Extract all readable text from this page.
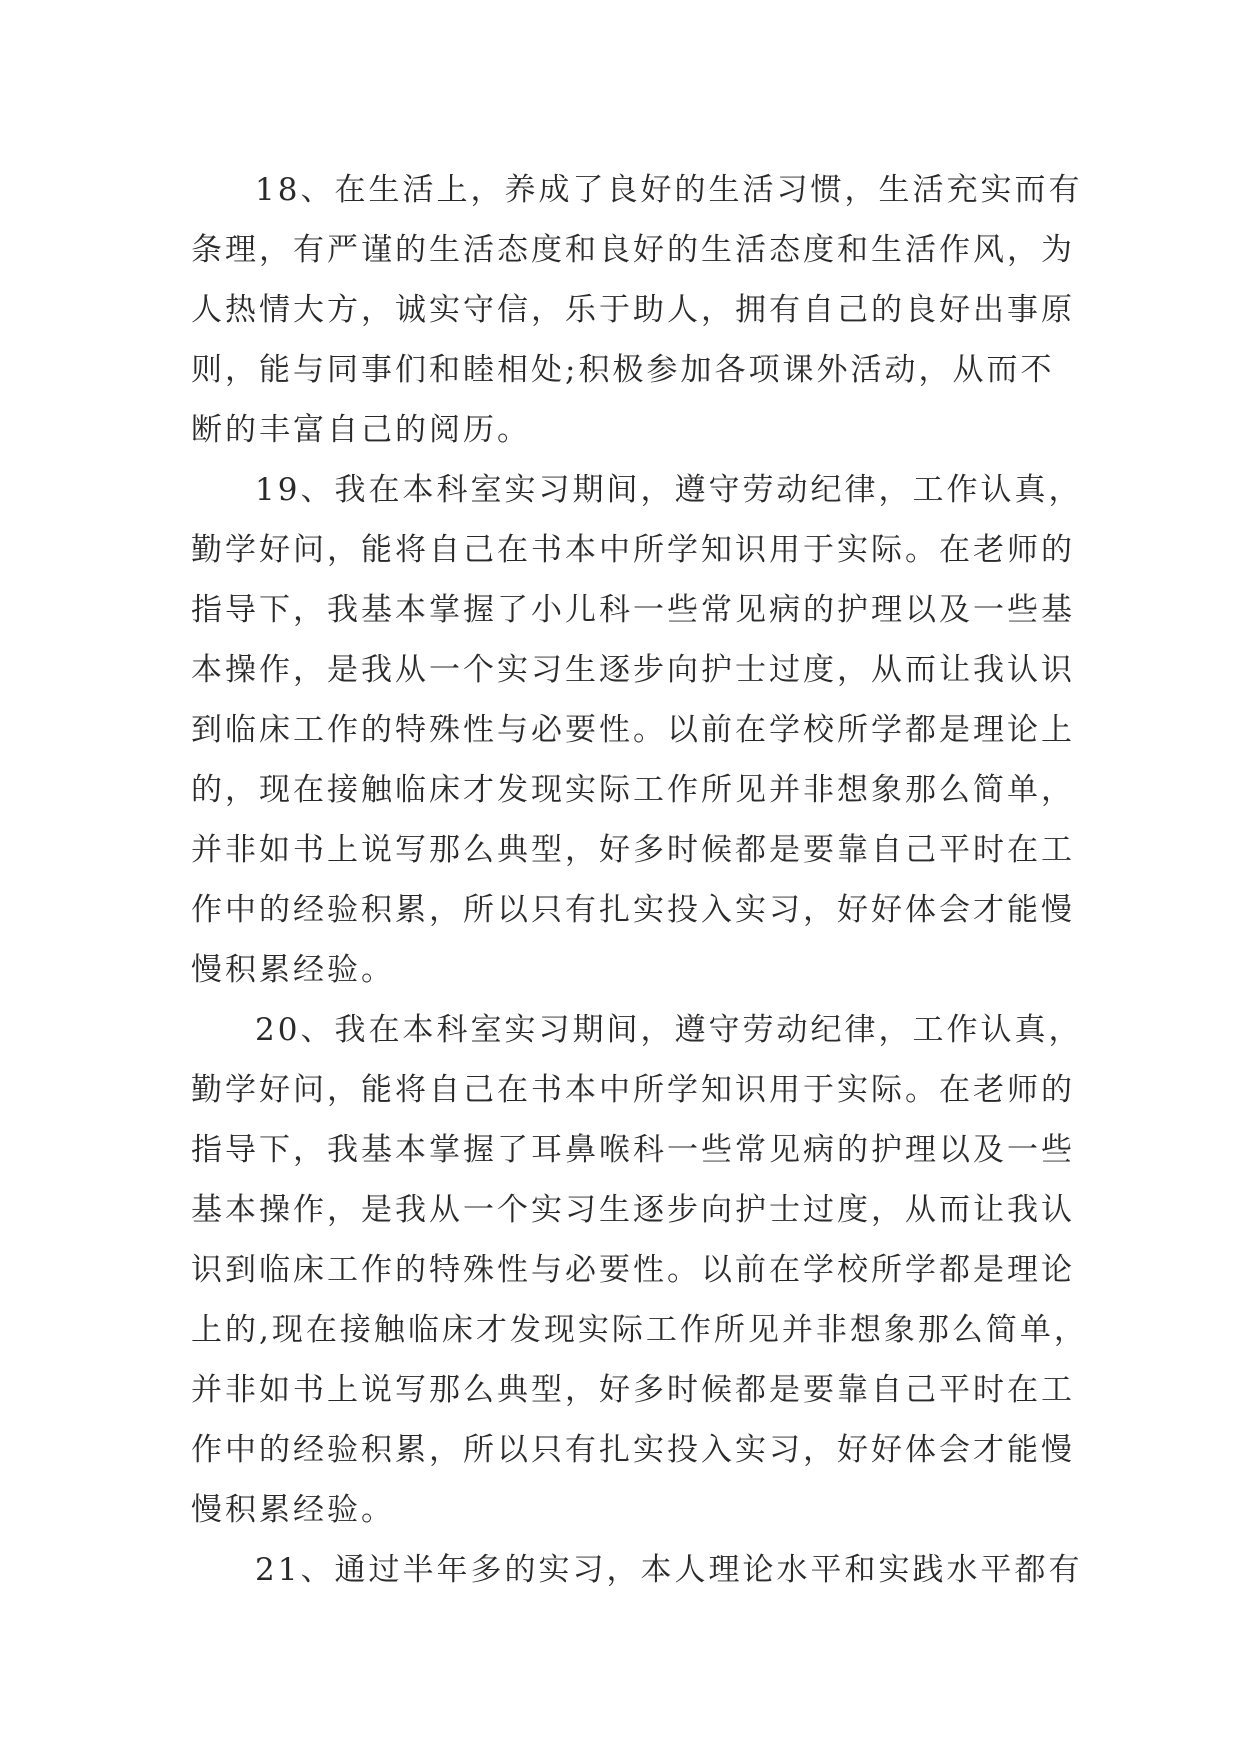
18、在生活上，养成了良好的生活习惯，生活充实而有
条理，有严谨的生活态度和良好的生活态度和生活作风，为
人热情大方，诚实守信，乐于助人，拥有自己的良好出事原
则，能与同事们和睦相处;积极参加各项课外活动，从而不
断的丰富自己的阅历。

19、我在本科室实习期间，遵守劳动纪律，工作认真，
勤学好问，能将自己在书本中所学知识用于实际。在老师的
指导下，我基本掌握了小儿科一些常见病的护理以及一些基
本操作，是我从一个实习生逐步向护士过度，从而让我认识
到临床工作的特殊性与必要性。以前在学校所学都是理论上
的，现在接触临床才发现实际工作所见并非想象那么简单，
并非如书上说写那么典型，好多时候都是要靠自己平时在工
作中的经验积累，所以只有扎实投入实习，好好体会才能慢
慢积累经验。

20、我在本科室实习期间，遵守劳动纪律，工作认真，
勤学好问，能将自己在书本中所学知识用于实际。在老师的
指导下，我基本掌握了耳鼻喉科一些常见病的护理以及一些
基本操作，是我从一个实习生逐步向护士过度，从而让我认
识到临床工作的特殊性与必要性。以前在学校所学都是理论
上的,现在接触临床才发现实际工作所见并非想象那么简单，
并非如书上说写那么典型，好多时候都是要靠自己平时在工
作中的经验积累，所以只有扎实投入实习，好好体会才能慢
慢积累经验。

21、通过半年多的实习，本人理论水平和实践水平都有
